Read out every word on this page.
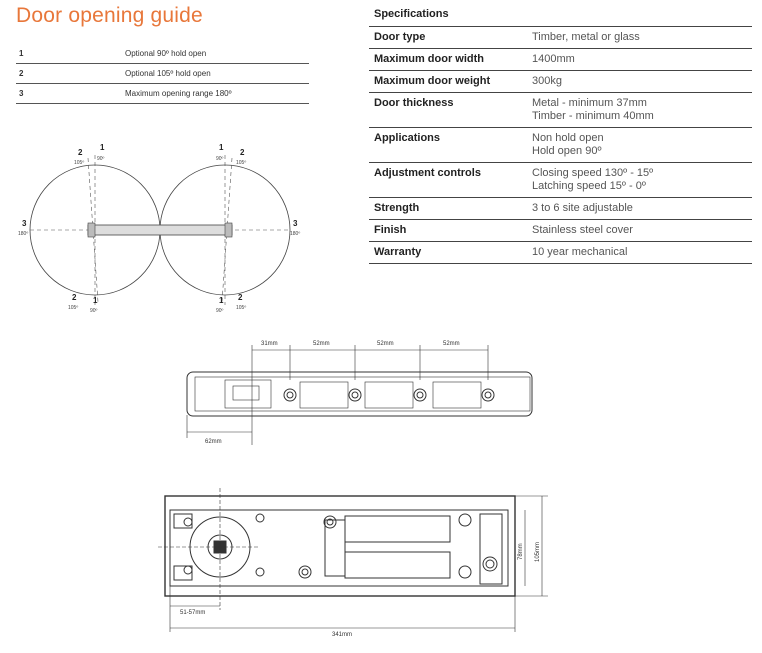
Door opening guide
1	Optional 90º hold open
2	Optional 105º hold open
3	Maximum opening range 180º
Specifications	
Door type	Timber, metal or glass

Maximum door width	1400mm

Maximum door weight	300kg

Door thickness	Metal - minimum 37mm
Timber - minimum 40mm

Applications	Non hold open
Hold open 90º

Adjustment controls	Closing speed 130º - 15º
Latching speed 15º - 0º

Strength	3 to 6 site adjustable

Finish	Stainless steel cover

Warranty	10 year mechanical
1
2
3
2 1
1
2
3
2
1
90º
105º
180º
105º 90º
90º
105º
180º
105º
90º
31mm	52mm	52mm	52mm
62mm
51-57mm
341mm
78mm 105mm
